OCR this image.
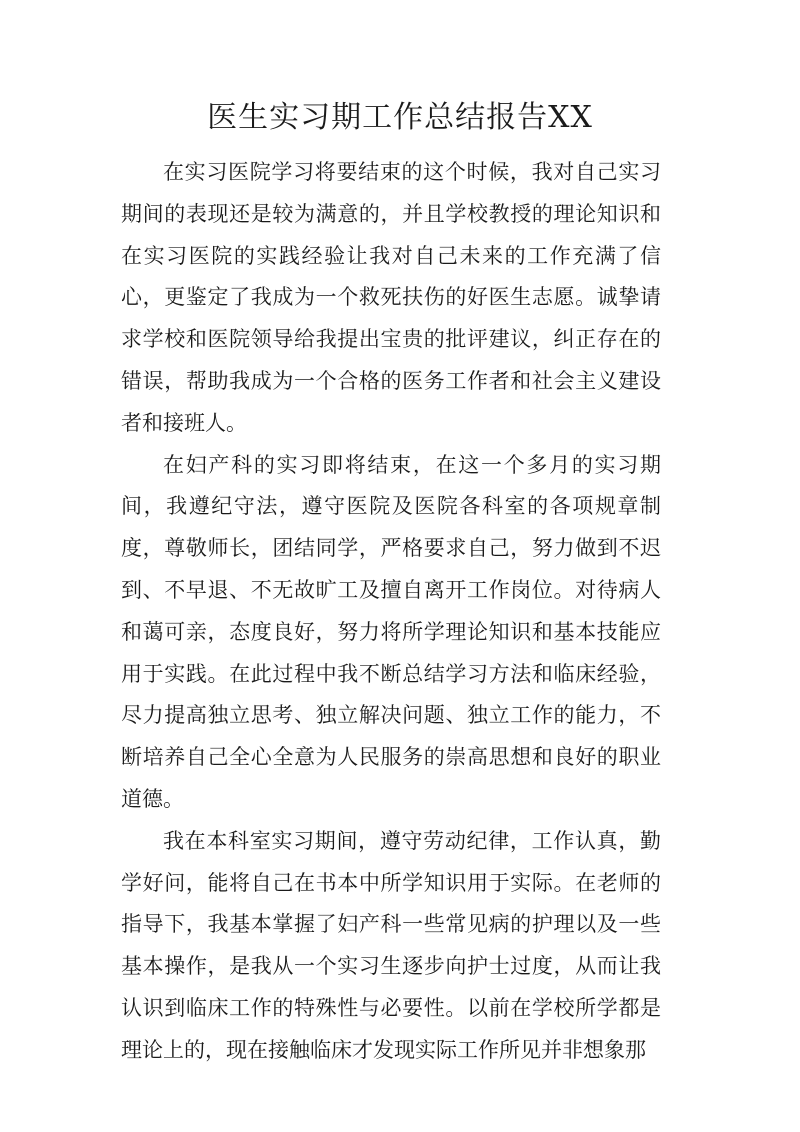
医生实习期工作总结报告XX

在实习医院学习将要结束的这个时候，我对自己实习期间的表现还是较为满意的，并且学校教授的理论知识和在实习医院的实践经验让我对自己未来的工作充满了信心，更鉴定了我成为一个救死扶伤的好医生志愿。诚挚请求学校和医院领导给我提出宝贵的批评建议，纠正存在的错误，帮助我成为一个合格的医务工作者和社会主义建设者和接班人。

在妇产科的实习即将结束，在这一个多月的实习期间，我遵纪守法，遵守医院及医院各科室的各项规章制度，尊敬师长，团结同学，严格要求自己，努力做到不迟到、不早退、不无故旷工及擅自离开工作岗位。对待病人和蔼可亲，态度良好，努力将所学理论知识和基本技能应用于实践。在此过程中我不断总结学习方法和临床经验，尽力提高独立思考、独立解决问题、独立工作的能力，不断培养自己全心全意为人民服务的崇高思想和良好的职业道德。

我在本科室实习期间，遵守劳动纪律，工作认真，勤学好问，能将自己在书本中所学知识用于实际。在老师的指导下，我基本掌握了妇产科一些常见病的护理以及一些基本操作，是我从一个实习生逐步向护士过度，从而让我认识到临床工作的特殊性与必要性。以前在学校所学都是理论上的，现在接触临床才发现实际工作所见并非想象那
